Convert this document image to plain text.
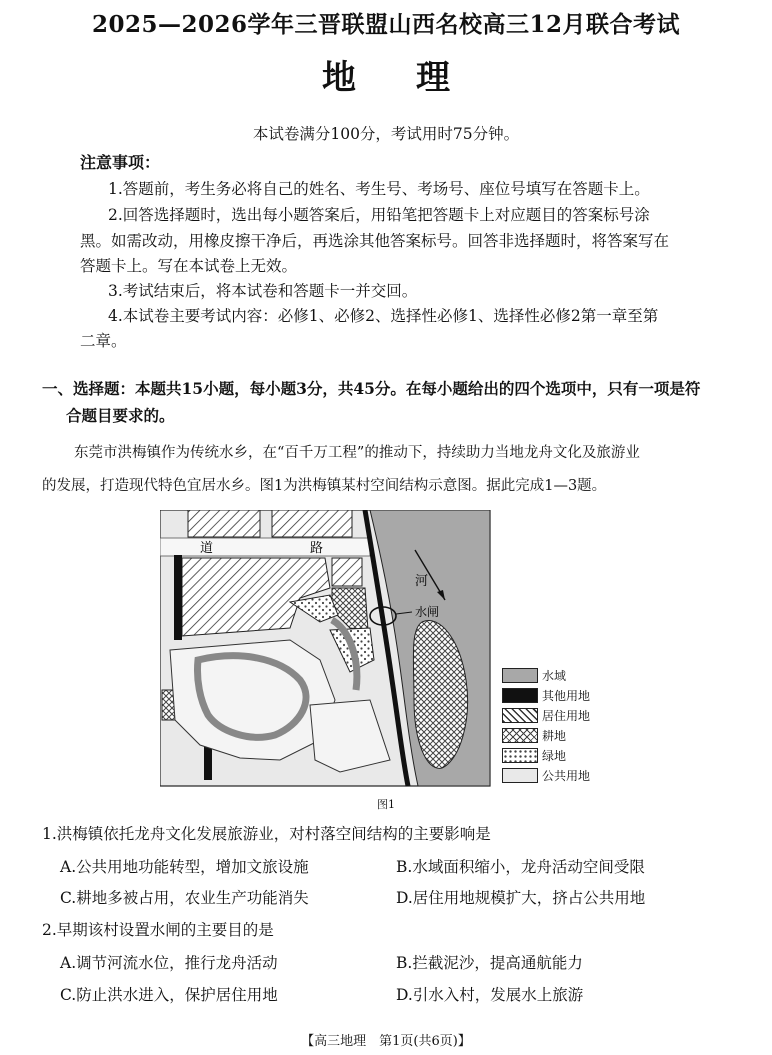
2025—2026学年三晋联盟山西名校高三12月联合考试
地理
本试卷满分100分，考试用时75分钟。
注意事项：
1.答题前，考生务必将自己的姓名、考生号、考场号、座位号填写在答题卡上。
2.回答选择题时，选出每小题答案后，用铅笔把答题卡上对应题目的答案标号涂
黑。如需改动，用橡皮擦干净后，再选涂其他答案标号。回答非选择题时，将答案写在
答题卡上。写在本试卷上无效。
3.考试结束后，将本试卷和答题卡一并交回。
4.本试卷主要考试内容：必修1、必修2、选择性必修1、选择性必修2第一章至第
二章。
一、选择题：本题共15小题，每小题3分，共45分。在每小题给出的四个选项中，只有一项是符
合题目要求的。
东莞市洪梅镇作为传统水乡，在“百千万工程”的推动下，持续助力当地龙舟文化及旅游业
的发展，打造现代特色宜居水乡。图1为洪梅镇某村空间结构示意图。据此完成1—3题。
道	路
河
水闸
水域
其他用地
居住用地
耕地
绿地
公共用地
图1
1.洪梅镇依托龙舟文化发展旅游业，对村落空间结构的主要影响是
A.公共用地功能转型，增加文旅设施	B.水域面积缩小，龙舟活动空间受限
C.耕地多被占用，农业生产功能消失	D.居住用地规模扩大，挤占公共用地
2.早期该村设置水闸的主要目的是
A.调节河流水位，推行龙舟活动	B.拦截泥沙，提高通航能力
C.防止洪水进入，保护居住用地	D.引水入村，发展水上旅游
【高三地理　第1页(共6页)】
